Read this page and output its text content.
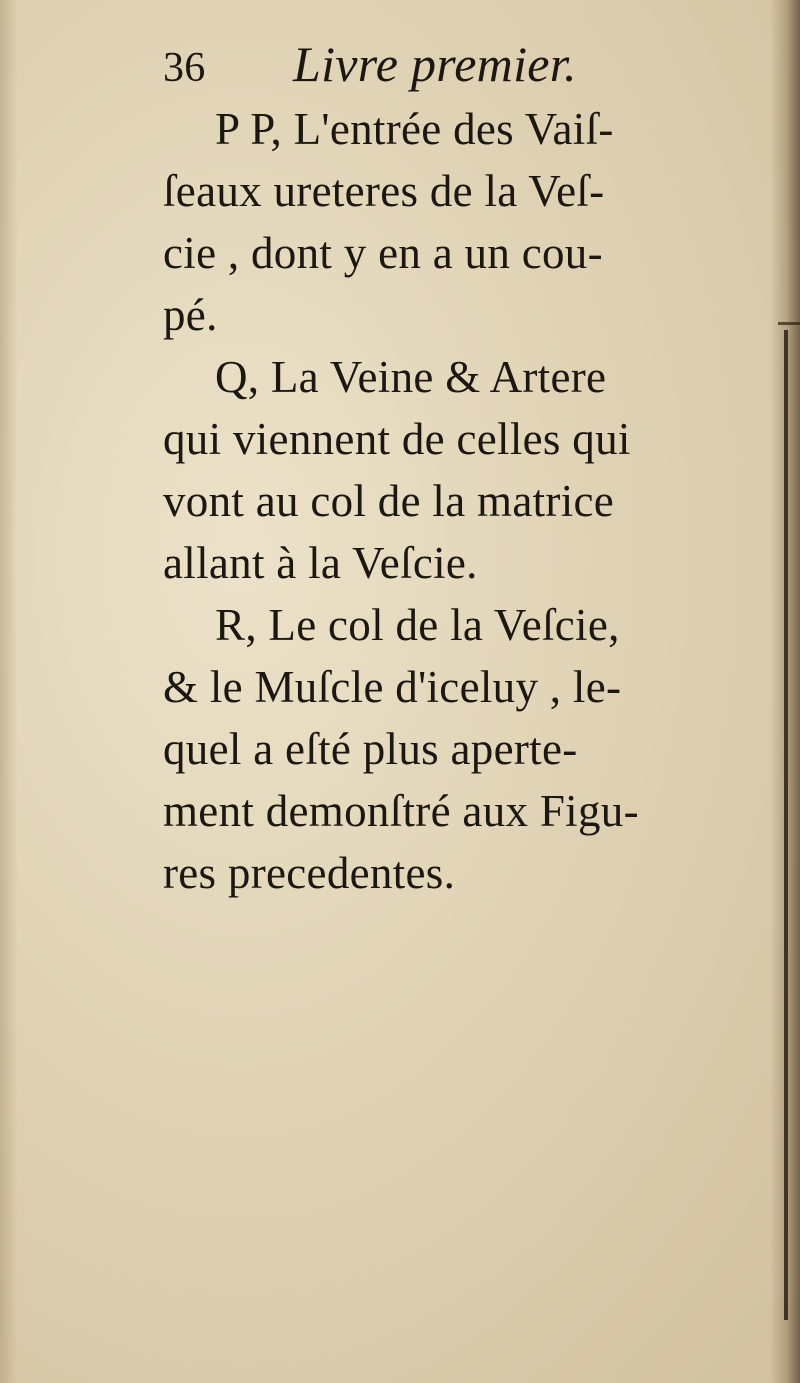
36 Livre premier.
P P, L'entrée des Vaiſ-
ſeaux ureteres de la Veſ-
cie , dont y en a un cou-
pé.
Q, La Veine & Artere
qui viennent de celles qui
vont au col de la matrice
allant à la Veſcie.
R, Le col de la Veſcie,
& le Muſcle d'iceluy , le-
quel a eſté plus aperte-
ment demonſtré aux Figu-
res precedentes.
